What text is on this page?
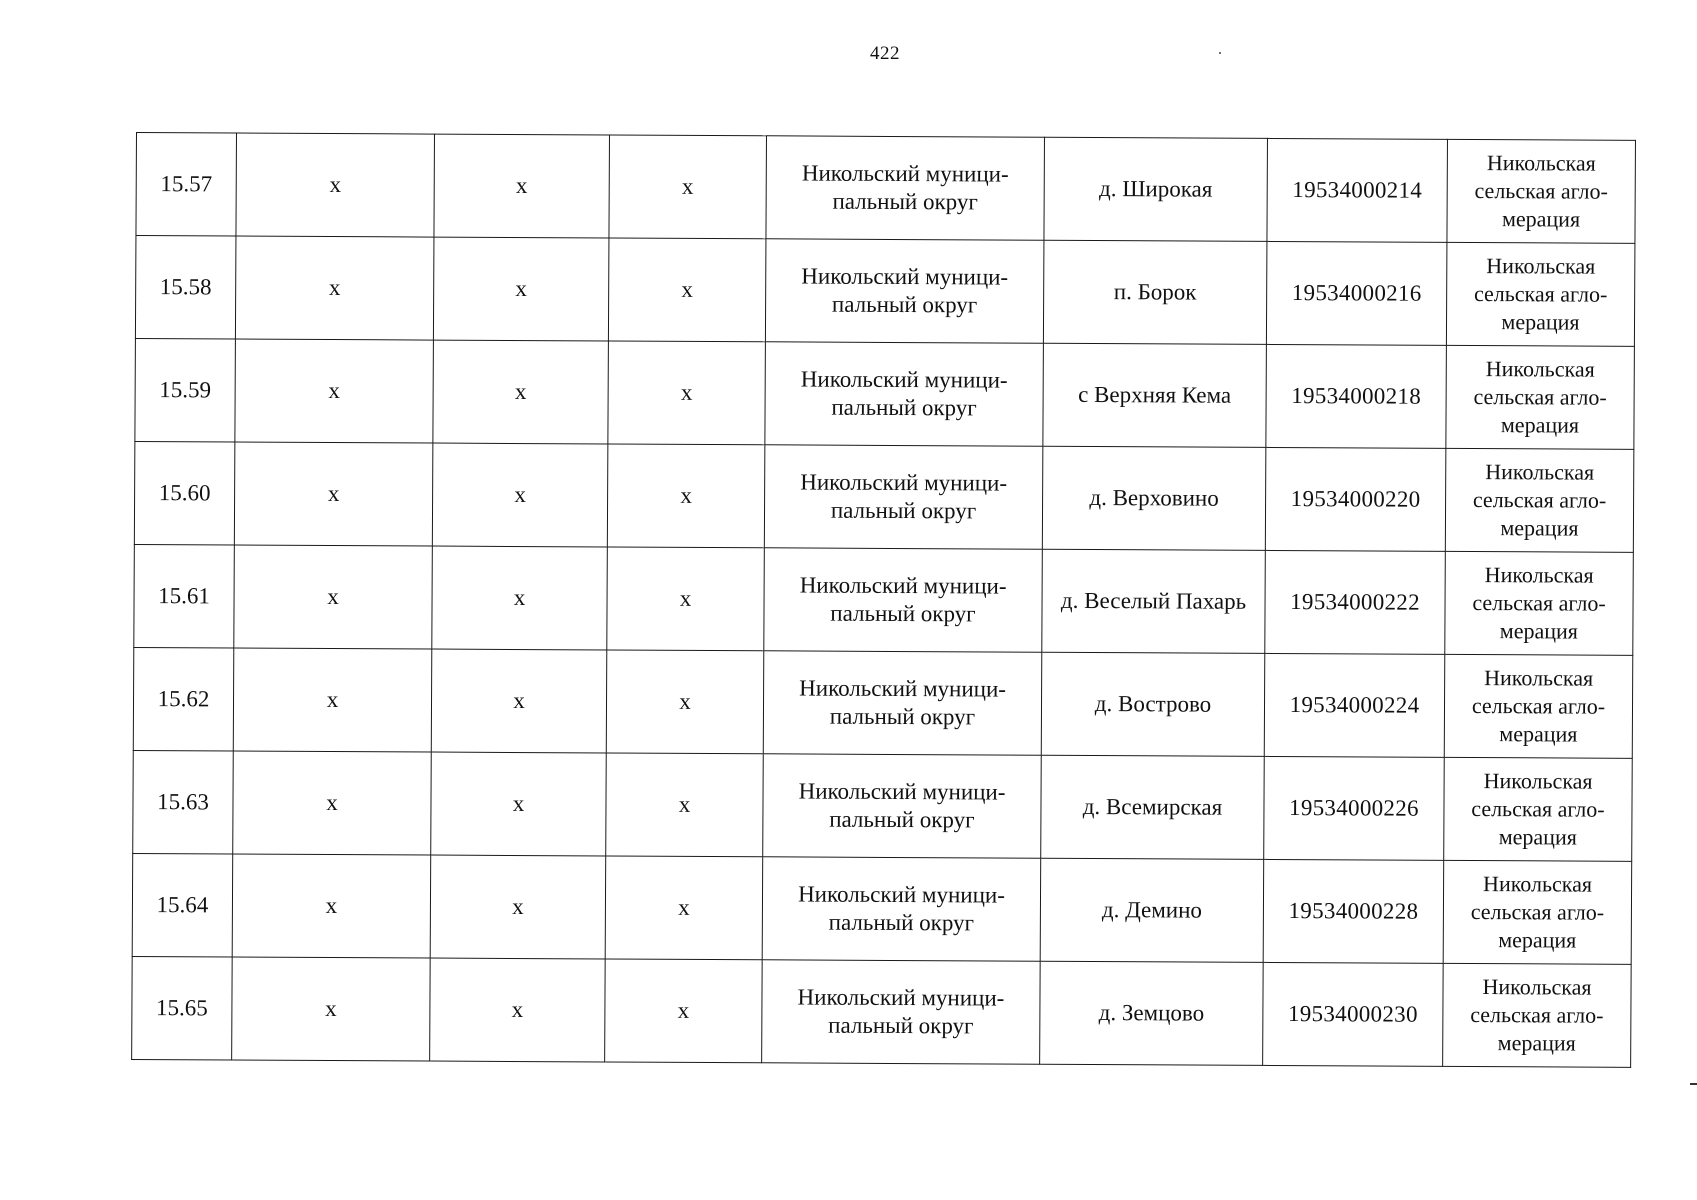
422
15.57	x	x	x	Никольский муници-
пальный округ	д. Широкая	19534000214	Никольская
сельская агло-
мерация

15.58	x	x	x	Никольский муници-
пальный округ	п. Борок	19534000216	Никольская
сельская агло-
мерация

15.59	x	x	x	Никольский муници-
пальный округ	с Верхняя Кема	19534000218	Никольская
сельская агло-
мерация

15.60	x	x	x	Никольский муници-
пальный округ	д. Верховино	19534000220	Никольская
сельская агло-
мерация

15.61	x	x	x	Никольский муници-
пальный округ	д. Веселый Пахарь	19534000222	Никольская
сельская агло-
мерация

15.62	x	x	x	Никольский муници-
пальный округ	д. Вострово	19534000224	Никольская
сельская агло-
мерация

15.63	x	x	x	Никольский муници-
пальный округ	д. Всемирская	19534000226	Никольская
сельская агло-
мерация

15.64	x	x	x	Никольский муници-
пальный округ	д. Демино	19534000228	Никольская
сельская агло-
мерация

15.65	x	x	x	Никольский муници-
пальный округ	д. Земцово	19534000230	Никольская
сельская агло-
мерация
